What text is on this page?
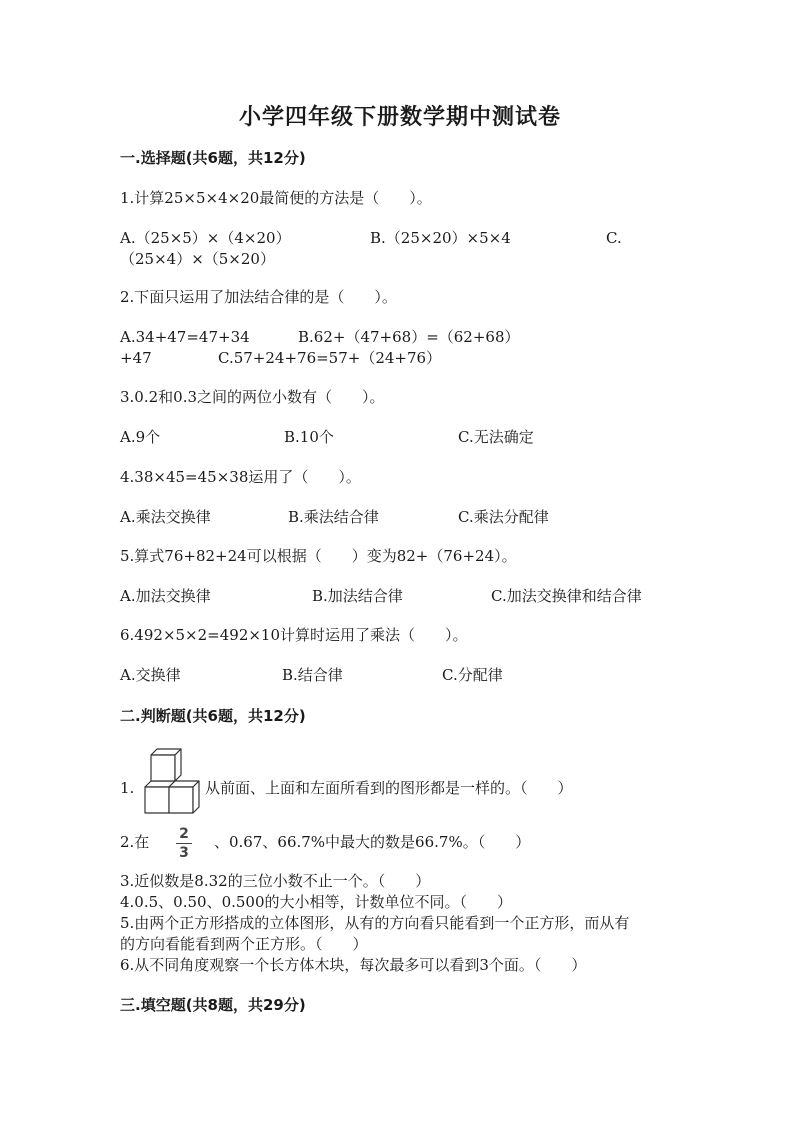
小学四年级下册数学期中测试卷
一.选择题(共6题，共12分)
1.计算25×5×4×20最简便的方法是（　　）。
A.（25×5）×（4×20）	B.（25×20）×5×4	C.
（25×4）×（5×20）
2.下面只运用了加法结合律的是（　　）。
A.34+47=47+34	B.62+（47+68）=（62+68）
+47	C.57+24+76=57+（24+76）
3.0.2和0.3之间的两位小数有（　　）。
A.9个	B.10个	C.无法确定
4.38×45=45×38运用了（　　）。
A.乘法交换律	B.乘法结合律	C.乘法分配律
5.算式76+82+24可以根据（　　）变为82+（76+24）。
A.加法交换律	B.加法结合律	C.加法交换律和结合律
6.492×5×2=492×10计算时运用了乘法（　　）。
A.交换律	B.结合律	C.分配律
二.判断题(共6题，共12分)
1.	从前面、上面和左面所看到的图形都是一样的。（　　）
2.在	2
3
、0.67、66.7%中最大的数是66.7%。（　　）
3.近似数是8.32的三位小数不止一个。（　　）
4.0.5、0.50、0.500的大小相等，计数单位不同。（　　）
5.由两个正方形搭成的立体图形，从有的方向看只能看到一个正方形，而从有
的方向看能看到两个正方形。（　　）
6.从不同角度观察一个长方体木块，每次最多可以看到3个面。（　　）
三.填空题(共8题，共29分)
